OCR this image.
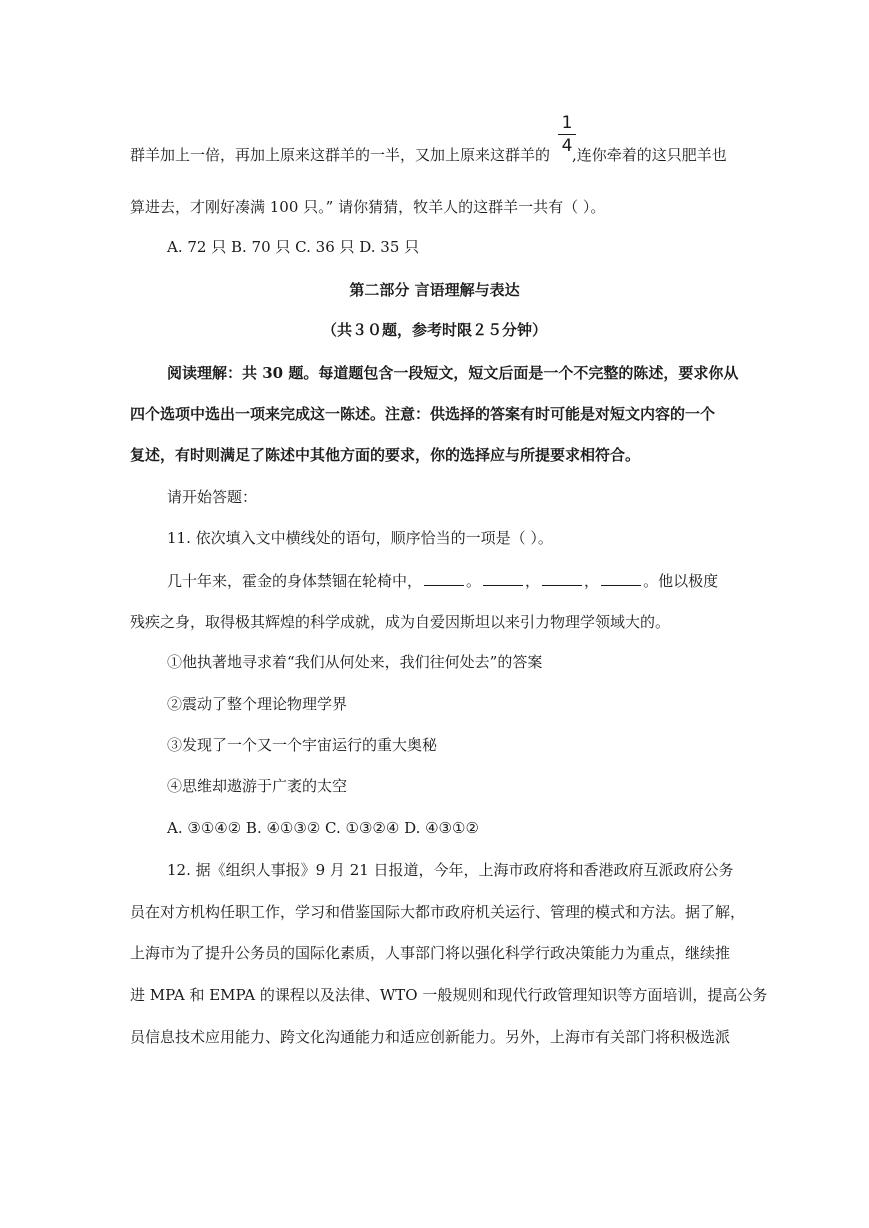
1
4
群羊加上一倍，再加上原来这群羊的一半，又加上原来这群羊的 ,连你牵着的这只肥羊也
算进去，才刚好凑满 100 只。” 请你猜猜，牧羊人的这群羊一共有（ ）。
A. 72 只 B. 70 只 C. 36 只 D. 35 只
第二部分 言语理解与表达
（共３０题，参考时限２５分钟）
阅读理解：共 30 题。每道题包含一段短文，短文后面是一个不完整的陈述，要求你从
四个选项中选出一项来完成这一陈述。注意：供选择的答案有时可能是对短文内容的一个
复述，有时则满足了陈述中其他方面的要求，你的选择应与所提要求相符合。
请开始答题：
11. 依次填入文中横线处的语句，顺序恰当的一项是（ ）。
几十年来，霍金的身体禁锢在轮椅中，	。	，	，	。他以极度
残疾之身，取得极其辉煌的科学成就，成为自爱因斯坦以来引力物理学领域大的。
①他执著地寻求着“我们从何处来，我们往何处去”的答案
②震动了整个理论物理学界
③发现了一个又一个宇宙运行的重大奥秘
④思维却遨游于广袤的太空
A. ③①④② B. ④①③② C. ①③②④ D. ④③①②
12. 据《组织人事报》9 月 21 日报道，今年，上海市政府将和香港政府互派政府公务
员在对方机构任职工作，学习和借鉴国际大都市政府机关运行、管理的模式和方法。据了解，
上海市为了提升公务员的国际化素质，人事部门将以强化科学行政决策能力为重点，继续推
进 MPA 和 EMPA 的课程以及法律、WTO 一般规则和现代行政管理知识等方面培训，提高公务
员信息技术应用能力、跨文化沟通能力和适应创新能力。另外，上海市有关部门将积极选派
